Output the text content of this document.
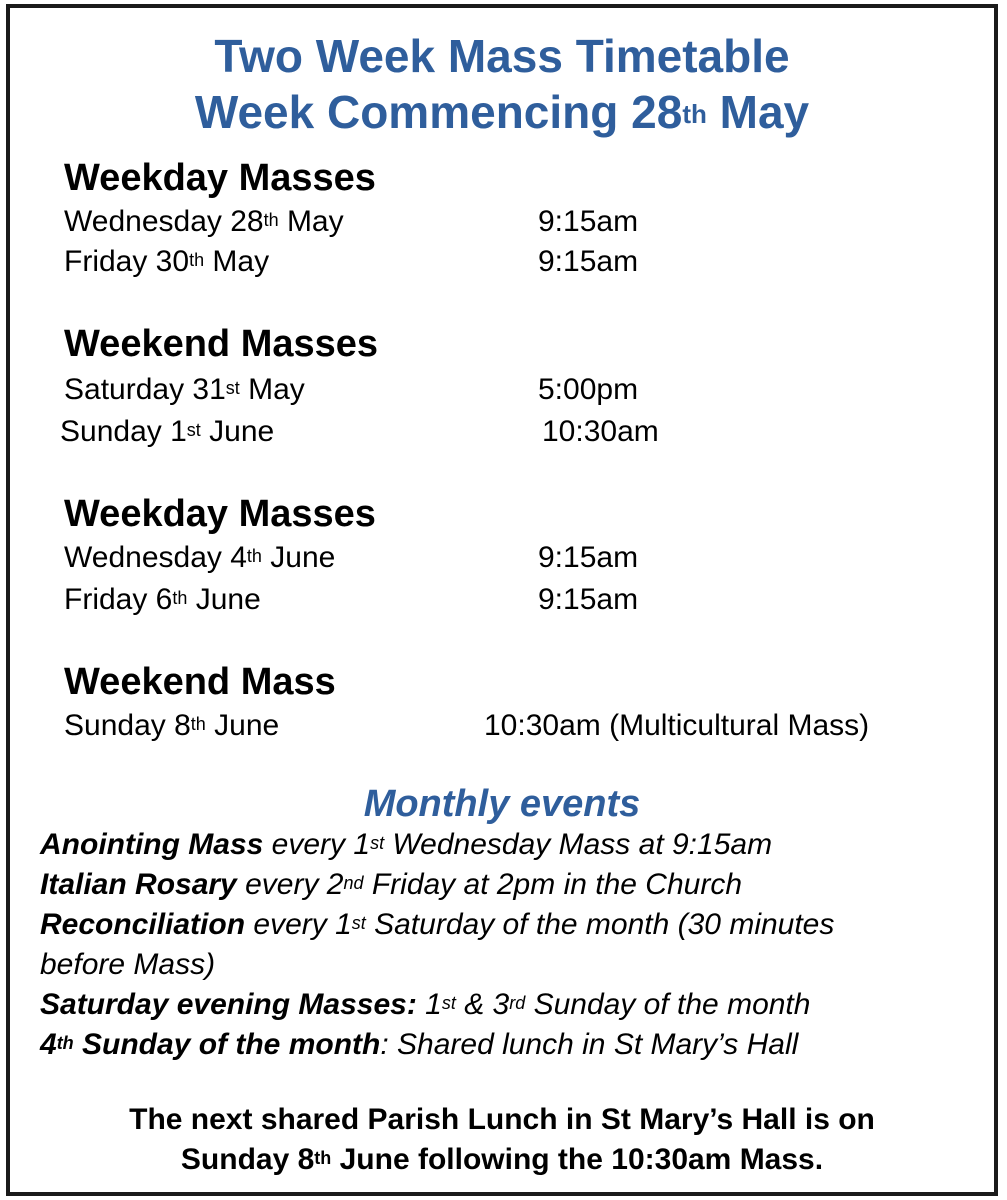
Two Week Mass Timetable
Week Commencing 28th May
Weekday Masses
Wednesday 28th May	9:15am
Friday 30th May	9:15am
Weekend Masses
Saturday 31st May	5:00pm
Sunday 1st June	10:30am
Weekday Masses
Wednesday 4th June	9:15am
Friday 6th June	9:15am
Weekend Mass
Sunday 8th June	10:30am (Multicultural Mass)
Monthly events
Anointing Mass every 1st Wednesday Mass at 9:15am
Italian Rosary every 2nd Friday at 2pm in the Church
Reconciliation every 1st Saturday of the month (30 minutes
before Mass)
Saturday evening Masses: 1st & 3rd Sunday of the month
4th Sunday of the month: Shared lunch in St Mary’s Hall
The next shared Parish Lunch in St Mary’s Hall is on
Sunday 8th June following the 10:30am Mass.
